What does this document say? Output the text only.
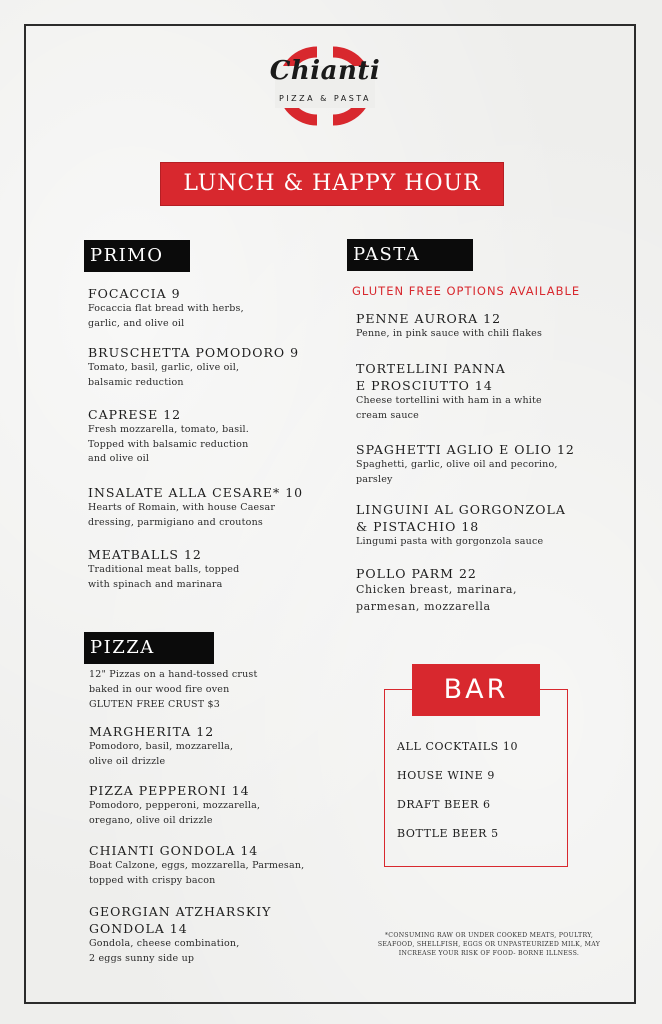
Chianti
PIZZA & PASTA
LUNCH & HAPPY HOUR
PRIMO
FOCACCIA 9
Focaccia flat bread with herbs,
garlic, and olive oil
BRUSCHETTA POMODORO 9
Tomato, basil, garlic, olive oil,
balsamic reduction
CAPRESE 12
Fresh mozzarella, tomato, basil.
Topped with balsamic reduction
and olive oil
INSALATE ALLA CESARE* 10
Hearts of Romain, with house Caesar
dressing, parmigiano and croutons
MEATBALLS 12
Traditional meat balls, topped
with spinach and marinara
PASTA
GLUTEN FREE OPTIONS AVAILABLE
PENNE AURORA 12
Penne, in pink sauce with chili flakes
TORTELLINI PANNA
E PROSCIUTTO 14
Cheese tortellini with ham in a white
cream sauce
SPAGHETTI AGLIO E OLIO 12
Spaghetti, garlic, olive oil and pecorino,
parsley
LINGUINI AL GORGONZOLA
& PISTACHIO 18
Lingumi pasta with gorgonzola sauce
POLLO PARM 22
Chicken breast, marinara,
parmesan, mozzarella
PIZZA
12" Pizzas on a hand-tossed crust
baked in our wood fire oven
GLUTEN FREE CRUST $3
MARGHERITA 12
Pomodoro, basil, mozzarella,
olive oil drizzle
PIZZA PEPPERONI 14
Pomodoro, pepperoni, mozzarella,
oregano, olive oil drizzle
CHIANTI GONDOLA 14
Boat Calzone, eggs, mozzarella, Parmesan,
topped with crispy bacon
GEORGIAN ATZHARSKIY
GONDOLA 14
Gondola, cheese combination,
2 eggs sunny side up
BAR
ALL COCKTAILS 10
HOUSE WINE 9
DRAFT BEER 6
BOTTLE BEER 5
*CONSUMING RAW OR UNDER COOKED MEATS, POULTRY,
SEAFOOD, SHELLFISH, EGGS OR UNPASTEURIZED MILK, MAY
INCREASE YOUR RISK OF FOOD- BORNE ILLNESS.
